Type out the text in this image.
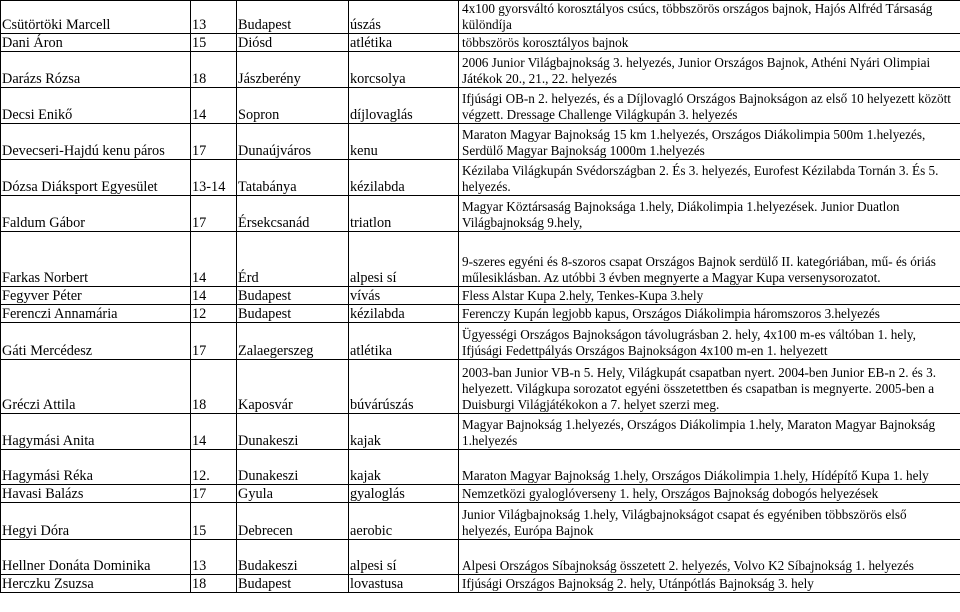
Csütörtöki Marcell	13	Budapest	úszás	4x100 gyorsváltó korosztályos csúcs, többszörös országos bajnok, Hajós Alfréd Társaság különdíja
Dani Áron	15	Diósd	atlétika	többszörös korosztályos bajnok
Darázs Rózsa	18	Jászberény	korcsolya	2006 Junior Világbajnokság 3. helyezés, Junior Országos Bajnok, Athéni Nyári Olimpiai Játékok 20., 21., 22. helyezés
Decsi Enikő	14	Sopron	díjlovaglás	Ifjúsági OB-n 2. helyezés, és a Díjlovagló Országos Bajnokságon az első 10 helyezett között végzett. Dressage Challenge Világkupán 3. helyezés
Devecseri-Hajdú kenu páros	17	Dunaújváros	kenu	Maraton Magyar Bajnokság 15 km 1.helyezés, Országos Diákolimpia 500m 1.helyezés, Serdülő Magyar Bajnokság 1000m 1.helyezés
Dózsa Diáksport Egyesület	13-14	Tatabánya	kézilabda	Kézilaba Világkupán Svédországban 2. És 3. helyezés, Eurofest Kézilabda Tornán 3. És 5. helyezés.
Faldum Gábor	17	Érsekcsanád	triatlon	Magyar Köztársaság Bajnoksága 1.hely, Diákolimpia 1.helyezések. Junior Duatlon Világbajnokság 9.hely,
Farkas Norbert	14	Érd	alpesi sí	9-szeres egyéni és 8-szoros csapat Országos Bajnok serdülő II. kategóriában, mű- és óriás műlesiklásban. Az utóbbi 3 évben megnyerte a Magyar Kupa versenysorozatot.
Fegyver Péter	14	Budapest	vívás	Fless Alstar Kupa 2.hely, Tenkes-Kupa 3.hely
Ferenczi Annamária	12	Budapest	kézilabda	Ferenczy Kupán legjobb kapus, Országos Diákolimpia háromszoros 3.helyezés
Gáti Mercédesz	17	Zalaegerszeg	atlétika	Ügyességi Országos Bajnokságon távolugrásban 2. hely, 4x100 m-es váltóban 1. hely, Ifjúsági Fedettpályás Országos Bajnokságon 4x100 m-en 1. helyezett
Gréczi Attila	18	Kaposvár	búvárúszás	2003-ban Junior VB-n 5. Hely, Világkupát csapatban nyert. 2004-ben Junior EB-n 2. és 3. helyezett. Világkupa sorozatot egyéni összetettben és csapatban is megnyerte. 2005-ben a Duisburgi Világjátékokon a 7. helyet szerzi meg.
Hagymási Anita	14	Dunakeszi	kajak	Magyar Bajnokság 1.helyezés, Országos Diákolimpia 1.hely, Maraton Magyar Bajnokság 1.helyezés
Hagymási Réka	12.	Dunakeszi	kajak	Maraton Magyar Bajnokság 1.hely, Országos Diákolimpia 1.hely, Hídépítő Kupa 1. hely
Havasi Balázs	17	Gyula	gyaloglás	Nemzetközi gyaloglóverseny 1. hely, Országos Bajnokság dobogós helyezések
Hegyi Dóra	15	Debrecen	aerobic	Junior Világbajnokság 1.hely, Világbajnokságot csapat és egyéniben többszörös első helyezés, Európa Bajnok
Hellner Donáta Dominika	13	Budakeszi	alpesi sí	Alpesi Országos Síbajnokság összetett 2. helyezés, Volvo K2 Síbajnokság 1. helyezés
Herczku Zsuzsa	18	Budapest	lovastusa	Ifjúsági Országos Bajnokság 2. hely, Utánpótlás Bajnokság 3. hely
